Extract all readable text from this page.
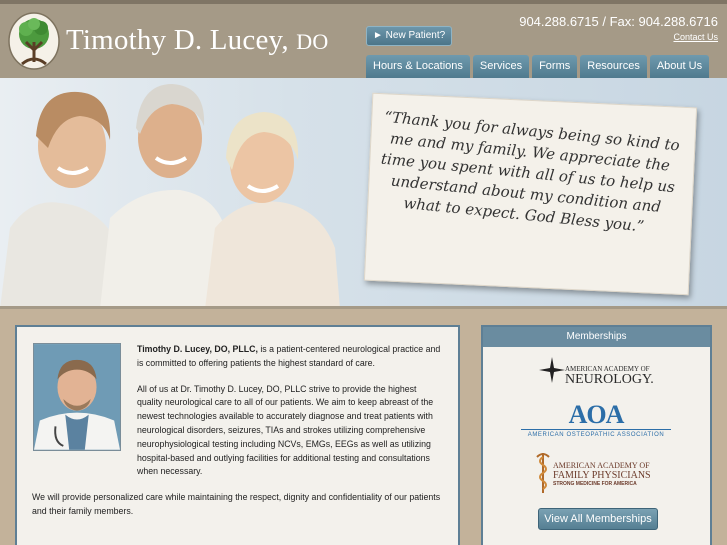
Timothy D. Lucey, DO	► New Patient?
904.288.6715 / Fax: 904.288.6716
Contact Us
Hours & Locations	Services	Forms	Resources	About Us
“Thank you for always being so kind to me and my family. We appreciate the time you spent with all of us to help us understand about my condition and what to expect. God Bless you.”

Timothy D. Lucey, DO, PLLC, is a patient-centered neurological practice and is committed to offering patients the highest standard of care.

All of us at Dr. Timothy D. Lucey, DO, PLLC strive to provide the highest quality neurological care to all of our patients. We aim to keep abreast of the newest technologies available to accurately diagnose and treat patients with neurological disorders, seizures, TIAs and strokes utilizing comprehensive neurophysiological testing including NCVs, EMGs, EEGs as well as utilizing hospital-based and outlying facilities for additional testing and consultations when necessary.

We will provide personalized care while maintaining the respect, dignity and confidentiality of our patients and their family members.

Memberships
AMERICAN ACADEMY OF
NEUROLOGY.
AOA
AMERICAN OSTEOPATHIC ASSOCIATION
AMERICAN ACADEMY OF
FAMILY PHYSICIANS
STRONG MEDICINE FOR AMERICA
View All Memberships
